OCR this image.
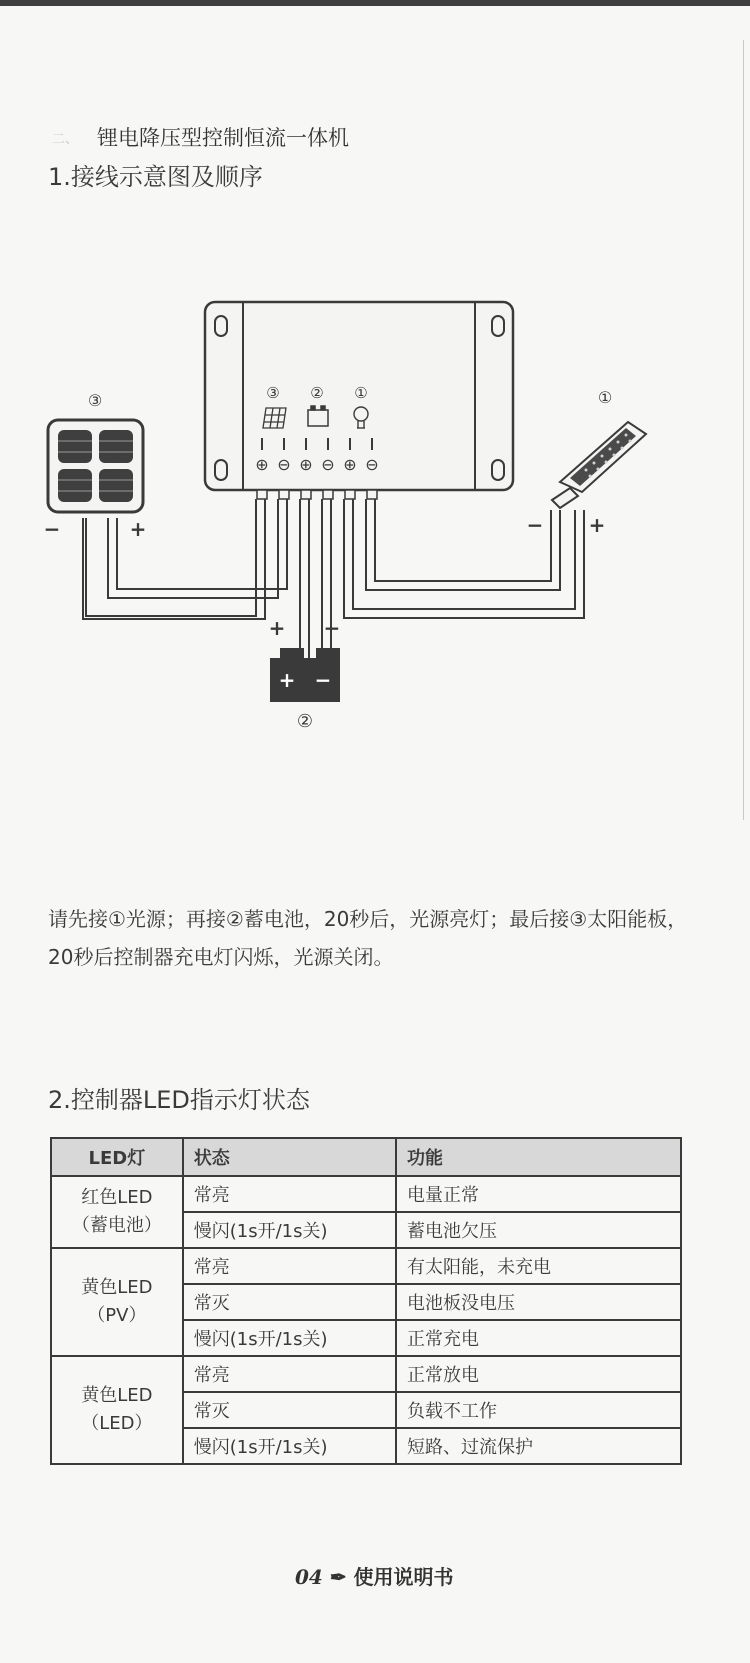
二、 锂电降压型控制恒流一体机
1.接线示意图及顺序
③ ② ①
⊕ ⊖ ⊕ ⊖ ⊕ ⊖
③
−	+
①
− +
+ −
+ −
②
请先接①光源；再接②蓄电池，20秒后，光源亮灯；最后接③太阳能板，20秒后控制器充电灯闪烁，光源关闭。
2.控制器LED指示灯状态
LED灯	状态	功能

红色LED
（蓄电池）	常亮	电量正常
	慢闪(1s开/1s关)	蓄电池欠压

黄色LED
（PV）	常亮	有太阳能，未充电
	常灭	电池板没电压
	慢闪(1s开/1s关)	正常充电

黄色LED
（LED）	常亮	正常放电
	常灭	负载不工作
	慢闪(1s开/1s关)	短路、过流保护
04 ✒ 使用说明书
